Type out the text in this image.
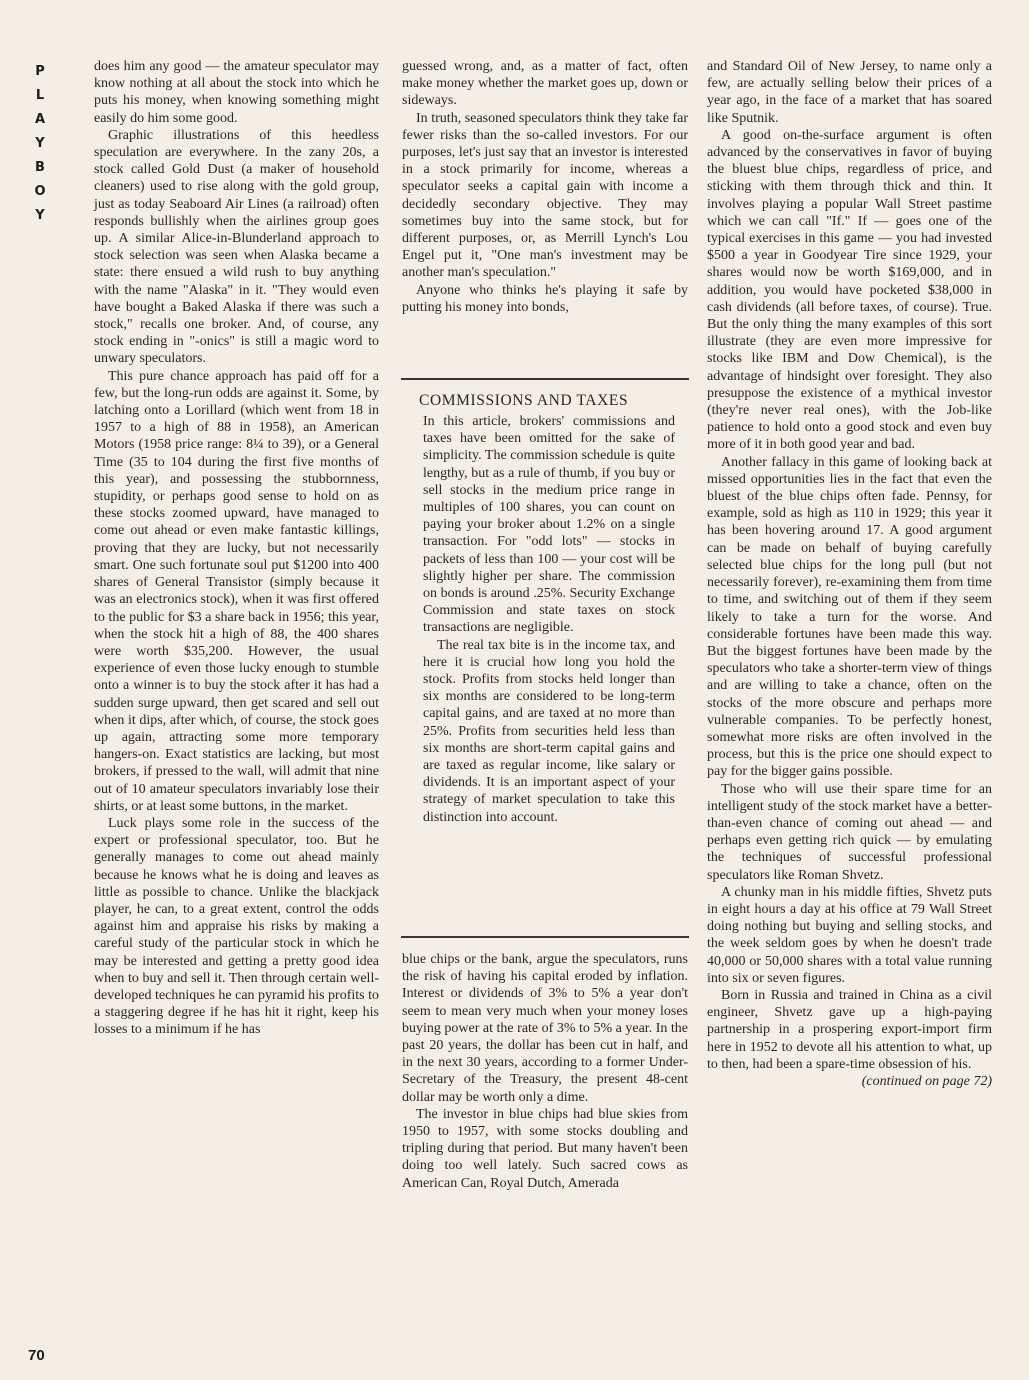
P
L
A
Y
B
O
Y

does him any good — the amateur speculator may know nothing at all about the stock into which he puts his money, when knowing something might easily do him some good.

Graphic illustrations of this heedless speculation are everywhere. In the zany 20s, a stock called Gold Dust (a maker of household cleaners) used to rise along with the gold group, just as today Seaboard Air Lines (a railroad) often responds bullishly when the airlines group goes up. A similar Alice-in-Blunderland approach to stock selection was seen when Alaska became a state: there ensued a wild rush to buy anything with the name "Alaska" in it. "They would even have bought a Baked Alaska if there was such a stock," recalls one broker. And, of course, any stock ending in "-onics" is still a magic word to unwary speculators.

This pure chance approach has paid off for a few, but the long-run odds are against it. Some, by latching onto a Lorillard (which went from 18 in 1957 to a high of 88 in 1958), an American Motors (1958 price range: 8¼ to 39), or a General Time (35 to 104 during the first five months of this year), and possessing the stubbornness, stupidity, or perhaps good sense to hold on as these stocks zoomed upward, have managed to come out ahead or even make fantastic killings, proving that they are lucky, but not necessarily smart. One such fortunate soul put $1200 into 400 shares of General Transistor (simply because it was an electronics stock), when it was first offered to the public for $3 a share back in 1956; this year, when the stock hit a high of 88, the 400 shares were worth $35,200. However, the usual experience of even those lucky enough to stumble onto a winner is to buy the stock after it has had a sudden surge upward, then get scared and sell out when it dips, after which, of course, the stock goes up again, attracting some more temporary hangers-on. Exact statistics are lacking, but most brokers, if pressed to the wall, will admit that nine out of 10 amateur speculators invariably lose their shirts, or at least some buttons, in the market.

Luck plays some role in the success of the expert or professional speculator, too. But he generally manages to come out ahead mainly because he knows what he is doing and leaves as little as possible to chance. Unlike the blackjack player, he can, to a great extent, control the odds against him and appraise his risks by making a careful study of the particular stock in which he may be interested and getting a pretty good idea when to buy and sell it. Then through certain well-developed techniques he can pyramid his profits to a staggering degree if he has hit it right, keep his losses to a minimum if he has

guessed wrong, and, as a matter of fact, often make money whether the market goes up, down or sideways.

In truth, seasoned speculators think they take far fewer risks than the so-called investors. For our purposes, let's just say that an investor is interested in a stock primarily for income, whereas a speculator seeks a capital gain with income a decidedly secondary objective. They may sometimes buy into the same stock, but for different purposes, or, as Merrill Lynch's Lou Engel put it, "One man's investment may be another man's speculation."

Anyone who thinks he's playing it safe by putting his money into bonds,

COMMISSIONS AND TAXES

In this article, brokers' commissions and taxes have been omitted for the sake of simplicity. The commission schedule is quite lengthy, but as a rule of thumb, if you buy or sell stocks in the medium price range in multiples of 100 shares, you can count on paying your broker about 1.2% on a single transaction. For "odd lots" — stocks in packets of less than 100 — your cost will be slightly higher per share. The commission on bonds is around .25%. Security Exchange Commission and state taxes on stock transactions are negligible.

The real tax bite is in the income tax, and here it is crucial how long you hold the stock. Profits from stocks held longer than six months are considered to be long-term capital gains, and are taxed at no more than 25%. Profits from securities held less than six months are short-term capital gains and are taxed as regular income, like salary or dividends. It is an important aspect of your strategy of market speculation to take this distinction into account.

blue chips or the bank, argue the speculators, runs the risk of having his capital eroded by inflation. Interest or dividends of 3% to 5% a year don't seem to mean very much when your money loses buying power at the rate of 3% to 5% a year. In the past 20 years, the dollar has been cut in half, and in the next 30 years, according to a former Under-Secretary of the Treasury, the present 48-cent dollar may be worth only a dime.

The investor in blue chips had blue skies from 1950 to 1957, with some stocks doubling and tripling during that period. But many haven't been doing too well lately. Such sacred cows as American Can, Royal Dutch, Amerada

and Standard Oil of New Jersey, to name only a few, are actually selling below their prices of a year ago, in the face of a market that has soared like Sputnik.

A good on-the-surface argument is often advanced by the conservatives in favor of buying the bluest blue chips, regardless of price, and sticking with them through thick and thin. It involves playing a popular Wall Street pastime which we can call "If." If — goes one of the typical exercises in this game — you had invested $500 a year in Goodyear Tire since 1929, your shares would now be worth $169,000, and in addition, you would have pocketed $38,000 in cash dividends (all before taxes, of course). True. But the only thing the many examples of this sort illustrate (they are even more impressive for stocks like IBM and Dow Chemical), is the advantage of hindsight over foresight. They also presuppose the existence of a mythical investor (they're never real ones), with the Job-like patience to hold onto a good stock and even buy more of it in both good year and bad.

Another fallacy in this game of looking back at missed opportunities lies in the fact that even the bluest of the blue chips often fade. Pennsy, for example, sold as high as 110 in 1929; this year it has been hovering around 17. A good argument can be made on behalf of buying carefully selected blue chips for the long pull (but not necessarily forever), re-examining them from time to time, and switching out of them if they seem likely to take a turn for the worse. And considerable fortunes have been made this way. But the biggest fortunes have been made by the speculators who take a shorter-term view of things and are willing to take a chance, often on the stocks of the more obscure and perhaps more vulnerable companies. To be perfectly honest, somewhat more risks are often involved in the process, but this is the price one should expect to pay for the bigger gains possible.

Those who will use their spare time for an intelligent study of the stock market have a better-than-even chance of coming out ahead — and perhaps even getting rich quick — by emulating the techniques of successful professional speculators like Roman Shvetz.

A chunky man in his middle fifties, Shvetz puts in eight hours a day at his office at 79 Wall Street doing nothing but buying and selling stocks, and the week seldom goes by when he doesn't trade 40,000 or 50,000 shares with a total value running into six or seven figures.

Born in Russia and trained in China as a civil engineer, Shvetz gave up a high-paying partnership in a prospering export-import firm here in 1952 to devote all his attention to what, up to then, had been a spare-time obsession of his.

(continued on page 72)

70
